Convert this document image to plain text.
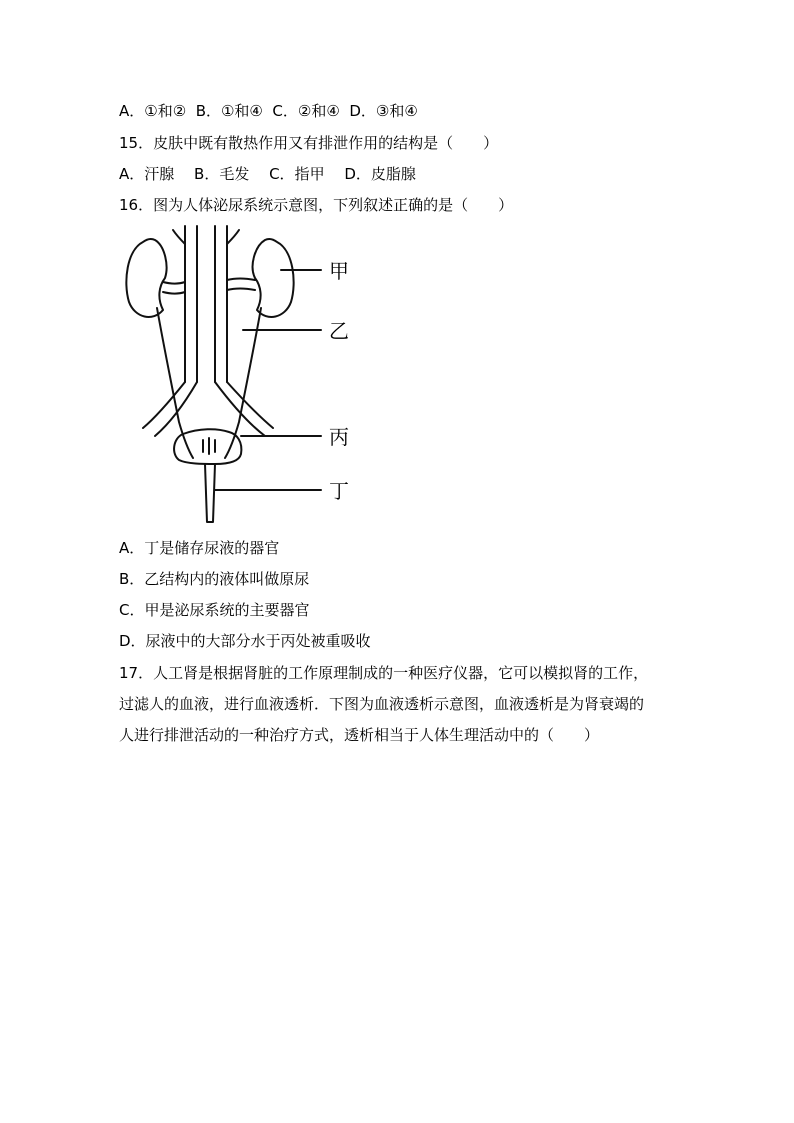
A．①和②  B．①和④  C．②和④  D．③和④
15．皮肤中既有散热作用又有排泄作用的结构是（　　）
A．汗腺　 B．毛发　 C．指甲　 D．皮脂腺
16．图为人体泌尿系统示意图，下列叙述正确的是（　　）
甲
乙
丙
丁
A．丁是储存尿液的器官
B．乙结构内的液体叫做原尿
C．甲是泌尿系统的主要器官
D．尿液中的大部分水于丙处被重吸收
17．人工肾是根据肾脏的工作原理制成的一种医疗仪器，它可以模拟肾的工作，
过滤人的血液，进行血液透析．下图为血液透析示意图，血液透析是为肾衰竭的
人进行排泄活动的一种治疗方式，透析相当于人体生理活动中的（　　）
